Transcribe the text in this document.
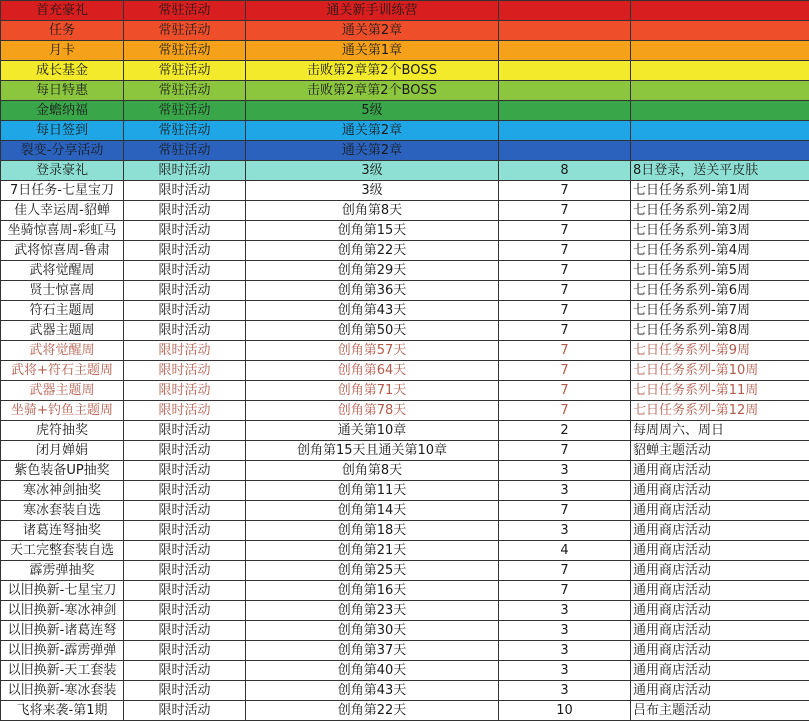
首充豪礼	常驻活动	通关新手训练营		
任务	常驻活动	通关第2章		
月卡	常驻活动	通关第1章		
成长基金	常驻活动	击败第2章第2个BOSS		
每日特惠	常驻活动	击败第2章第2个BOSS		
金蟾纳福	常驻活动	5级		
每日签到	常驻活动	通关第2章		
裂变-分享活动	常驻活动	通关第2章		
登录豪礼	限时活动	3级	8	8日登录，送关平皮肤
7日任务-七星宝刀	限时活动	3级	7	七日任务系列-第1周
佳人幸运周-貂蝉	限时活动	创角第8天	7	七日任务系列-第2周
坐骑惊喜周-彩虹马	限时活动	创角第15天	7	七日任务系列-第3周
武将惊喜周-鲁肃	限时活动	创角第22天	7	七日任务系列-第4周
武将觉醒周	限时活动	创角第29天	7	七日任务系列-第5周
贤士惊喜周	限时活动	创角第36天	7	七日任务系列-第6周
符石主题周	限时活动	创角第43天	7	七日任务系列-第7周
武器主题周	限时活动	创角第50天	7	七日任务系列-第8周
武将觉醒周	限时活动	创角第57天	7	七日任务系列-第9周
武将+符石主题周	限时活动	创角第64天	7	七日任务系列-第10周
武器主题周	限时活动	创角第71天	7	七日任务系列-第11周
坐骑+钓鱼主题周	限时活动	创角第78天	7	七日任务系列-第12周
虎符抽奖	限时活动	通关第10章	2	每周周六、周日
闭月婵娟	限时活动	创角第15天且通关第10章	7	貂蝉主题活动
紫色装备UP抽奖	限时活动	创角第8天	3	通用商店活动
寒冰神剑抽奖	限时活动	创角第11天	3	通用商店活动
寒冰套装自选	限时活动	创角第14天	7	通用商店活动
诸葛连弩抽奖	限时活动	创角第18天	3	通用商店活动
天工完整套装自选	限时活动	创角第21天	4	通用商店活动
霹雳弹抽奖	限时活动	创角第25天	7	通用商店活动
以旧换新-七星宝刀	限时活动	创角第16天	7	通用商店活动
以旧换新-寒冰神剑	限时活动	创角第23天	3	通用商店活动
以旧换新-诸葛连弩	限时活动	创角第30天	3	通用商店活动
以旧换新-霹雳弹弹	限时活动	创角第37天	3	通用商店活动
以旧换新-天工套装	限时活动	创角第40天	3	通用商店活动
以旧换新-寒冰套装	限时活动	创角第43天	3	通用商店活动
飞将来袭-第1期	限时活动	创角第22天	10	吕布主题活动
